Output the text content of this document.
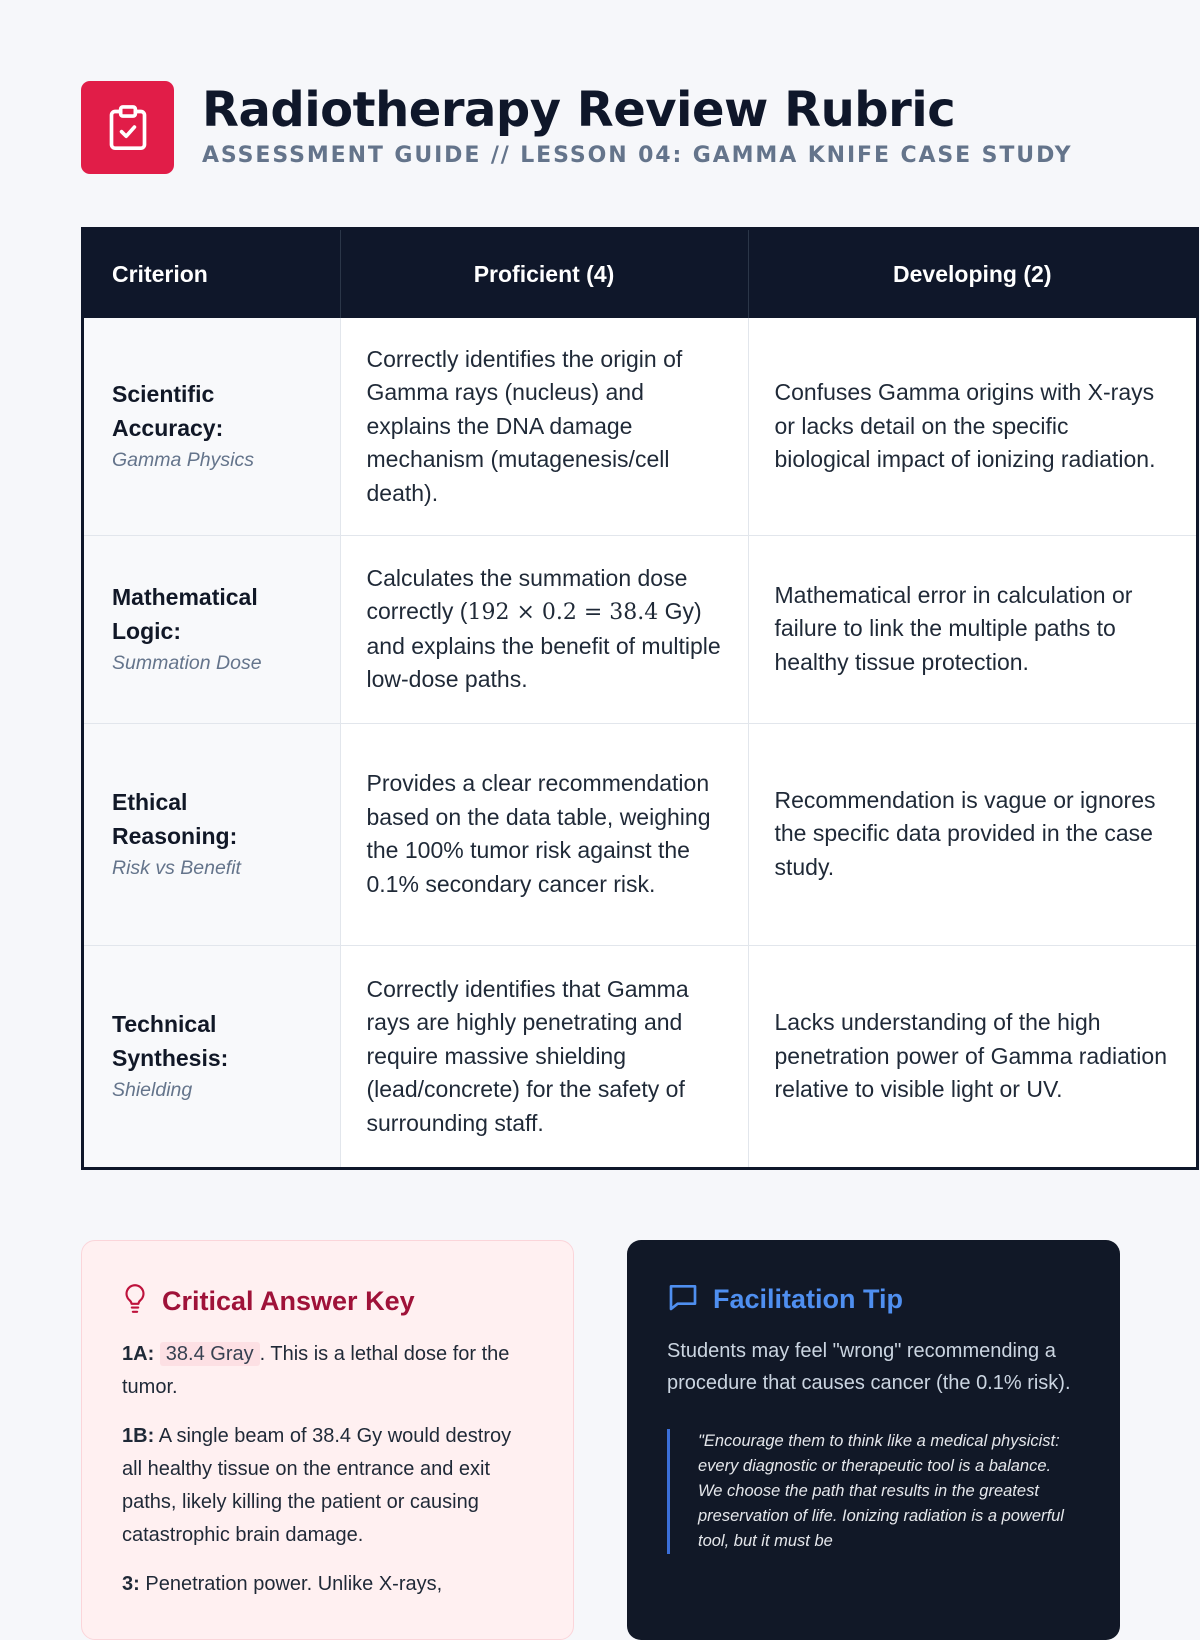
Radiotherapy Review Rubric
ASSESSMENT GUIDE // LESSON 04: GAMMA KNIFE CASE STUDY
Criterion	Proficient (4)	Developing (2)

Scientific Accuracy:
Gamma Physics	Correctly identifies the origin of Gamma rays (nucleus) and explains the DNA damage mechanism (mutagenesis/cell death).	Confuses Gamma origins with X-rays or lacks detail on the specific biological impact of ionizing radiation.

Mathematical Logic:
Summation Dose	Calculates the summation dose correctly (192 × 0.2 = 38.4 Gy) and explains the benefit of multiple low-dose paths.	Mathematical error in calculation or failure to link the multiple paths to healthy tissue protection.

Ethical Reasoning:
Risk vs Benefit	Provides a clear recommendation based on the data table, weighing the 100% tumor risk against the 0.1% secondary cancer risk.	Recommendation is vague or ignores the specific data provided in the case study.

Technical Synthesis:
Shielding	Correctly identifies that Gamma rays are highly penetrating and require massive shielding (lead/concrete) for the safety of surrounding staff.	Lacks understanding of the high penetration power of Gamma radiation relative to visible light or UV.
Critical Answer Key
1A: 38.4 Gray . This is a lethal dose for the tumor.
1B: A single beam of 38.4 Gy would destroy all healthy tissue on the entrance and exit paths, likely killing the patient or causing catastrophic brain damage.
3: Penetration power. Unlike X-rays,
Facilitation Tip
Students may feel "wrong" recommending a procedure that causes cancer (the 0.1% risk).
"Encourage them to think like a medical physicist: every diagnostic or therapeutic tool is a balance. We choose the path that results in the greatest preservation of life. Ionizing radiation is a powerful tool, but it must be
